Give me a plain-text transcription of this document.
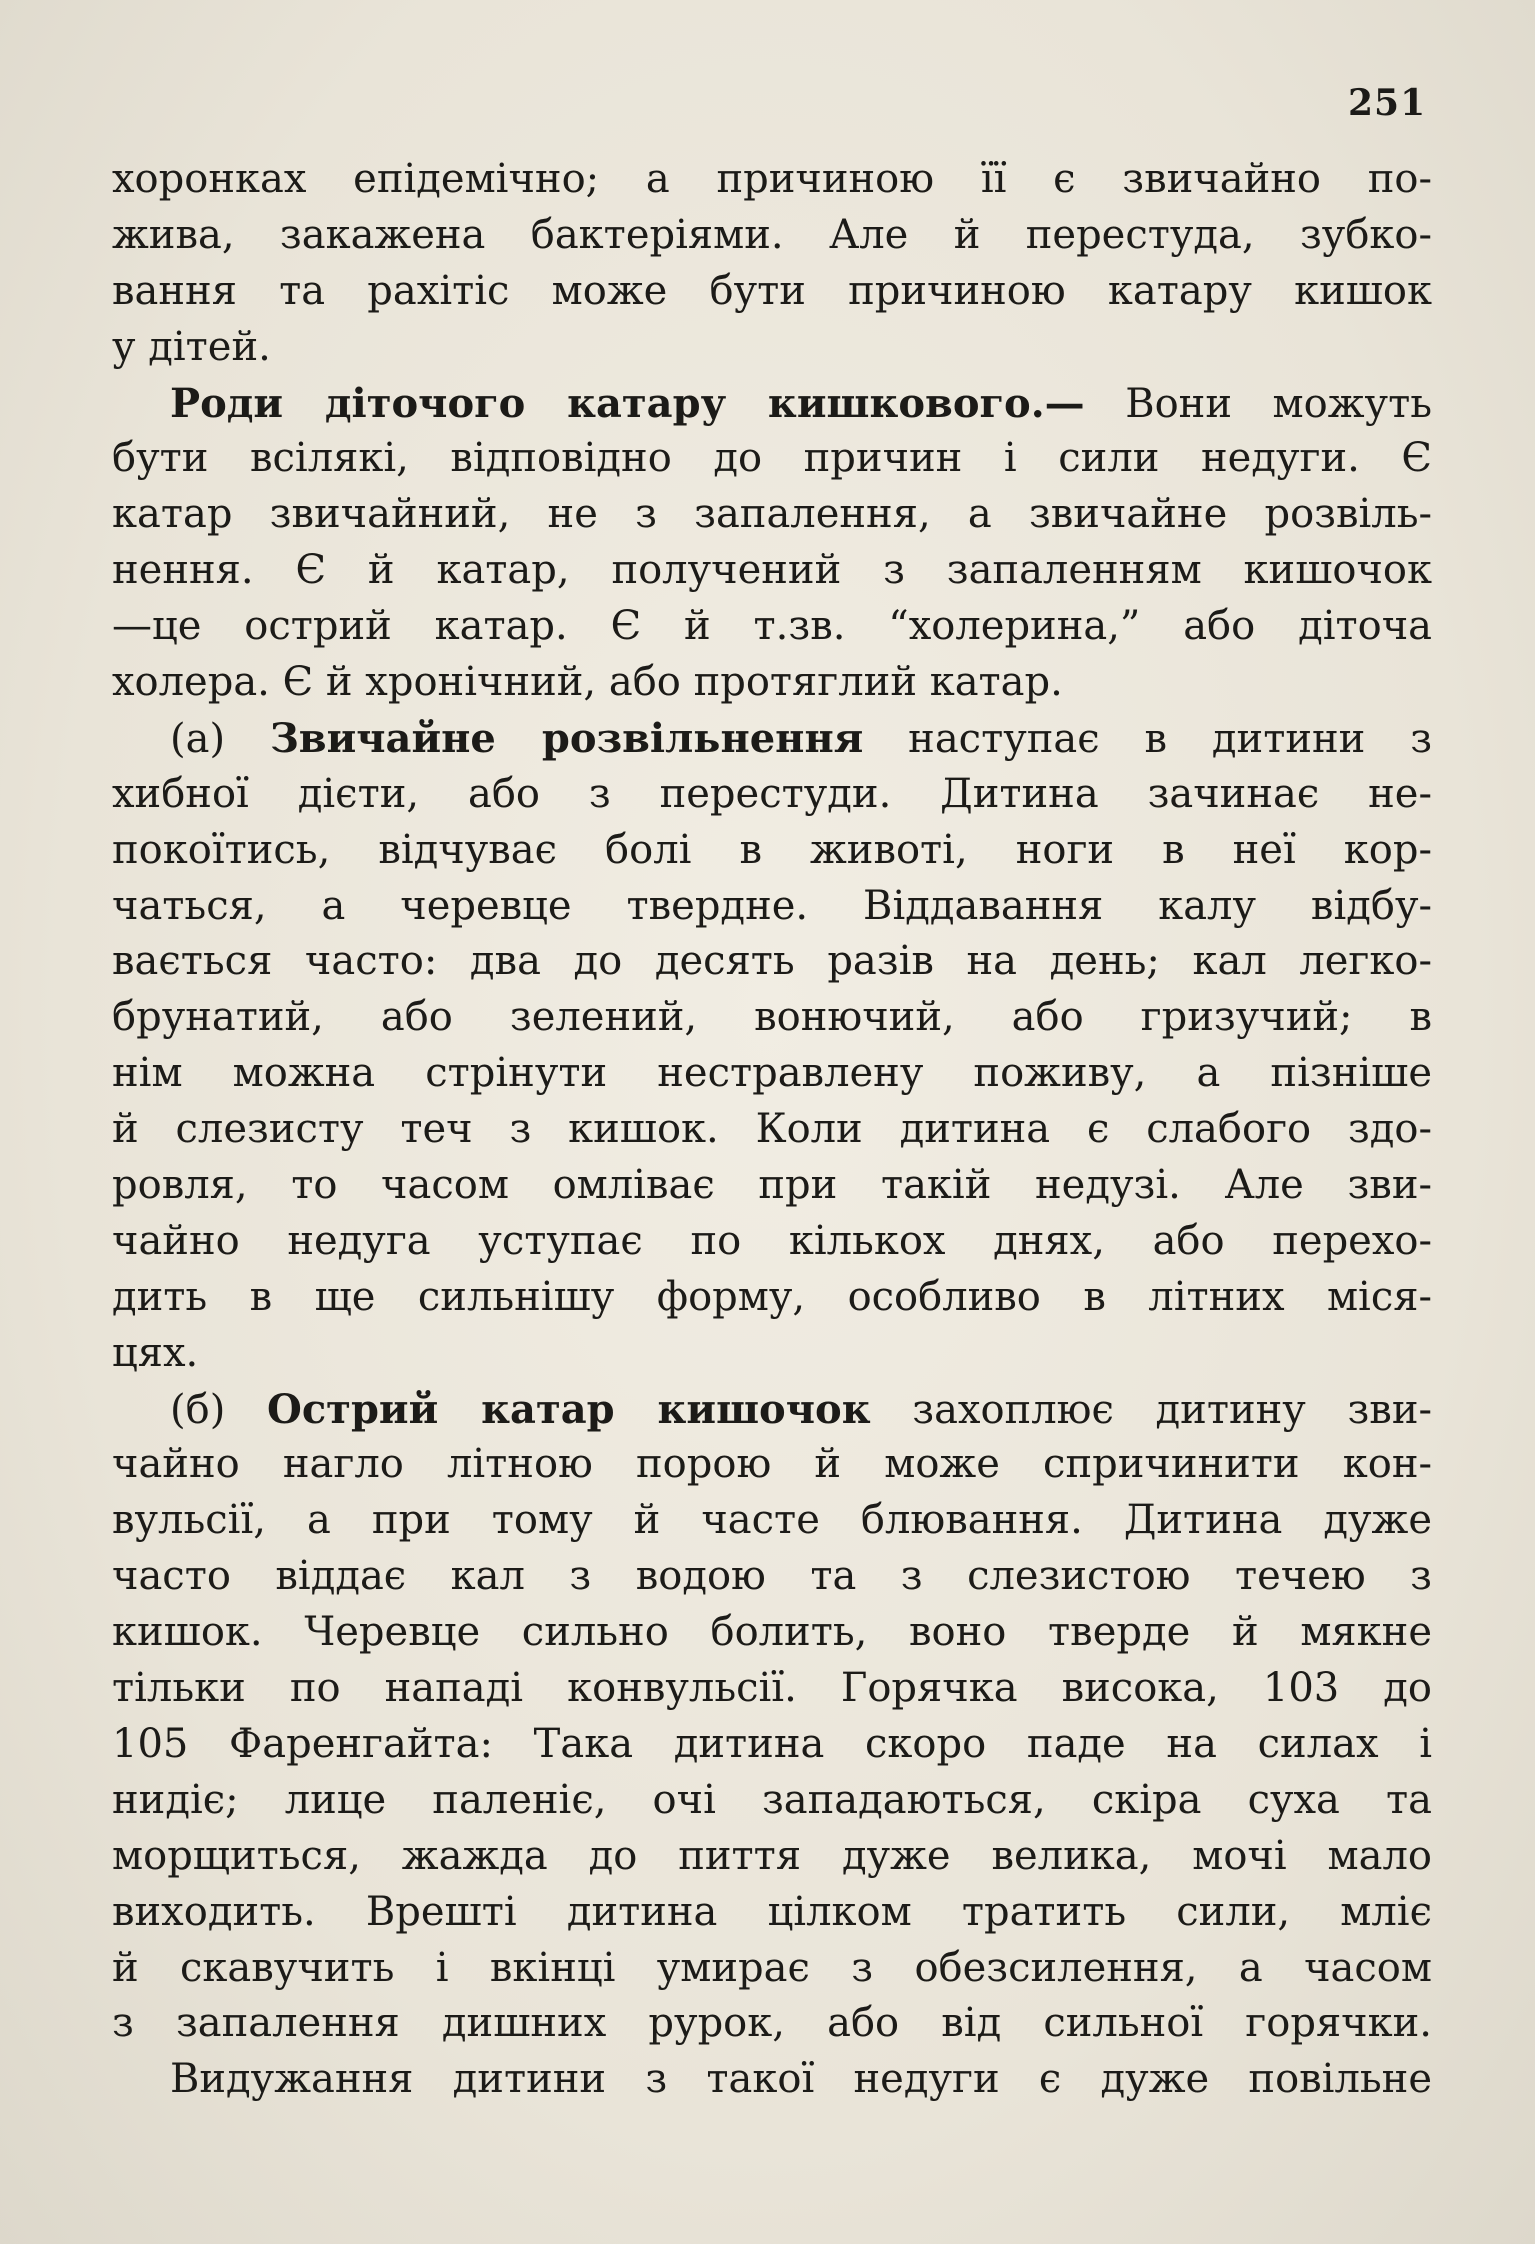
251
хоронках епідемічно; а причиною її є звичайно по-
жива, закажена бактеріями. Але й перестуда, зубко-
вання та рахітіс може бути причиною катару кишок
у дітей.
Роди діточого катару кишкового.— Вони можуть
бути всілякі, відповідно до причин і сили недуги. Є
катар звичайний, не з запалення, а звичайне розвіль-
нення. Є й катар, получений з запаленням кишочок
—це острий катар. Є й т.зв. “холерина,” або діточа
холера. Є й хронічний, або протяглий катар.
(а) Звичайне розвільнення наступає в дитини з
хибної дієти, або з перестуди. Дитина зачинає не-
покоїтись, відчуває болі в животі, ноги в неї кор-
чаться, а черевце твердне. Віддавання калу відбу-
вається часто: два до десять разів на день; кал легко-
брунатий, або зелений, вонючий, або гризучий; в
нім можна стрінути нестравлену поживу, а пізніше
й слезисту теч з кишок. Коли дитина є слабого здо-
ровля, то часом омліває при такій недузі. Але зви-
чайно недуга уступає по кількох днях, або перехо-
дить в ще сильнішу форму, особливо в літних міся-
цях.
(б) Острий катар кишочок захоплює дитину зви-
чайно нагло літною порою й може спричинити кон-
вульсії, а при тому й часте блювання. Дитина дуже
часто віддає кал з водою та з слезистою течею з
кишок. Черевце сильно болить, воно тверде й мякне
тільки по нападі конвульсії. Горячка висока, 103 до
105 Фаренгайта: Така дитина скоро паде на силах і
нидіє; лице паленіє, очі западаються, скіра суха та
морщиться, жажда до пиття дуже велика, мочі мало
виходить. Врешті дитина цілком тратить сили, мліє
й скавучить і вкінці умирає з обезсилення, а часом
з запалення дишних рурок, або від сильної горячки.
Видужання дитини з такої недуги є дуже повільне
